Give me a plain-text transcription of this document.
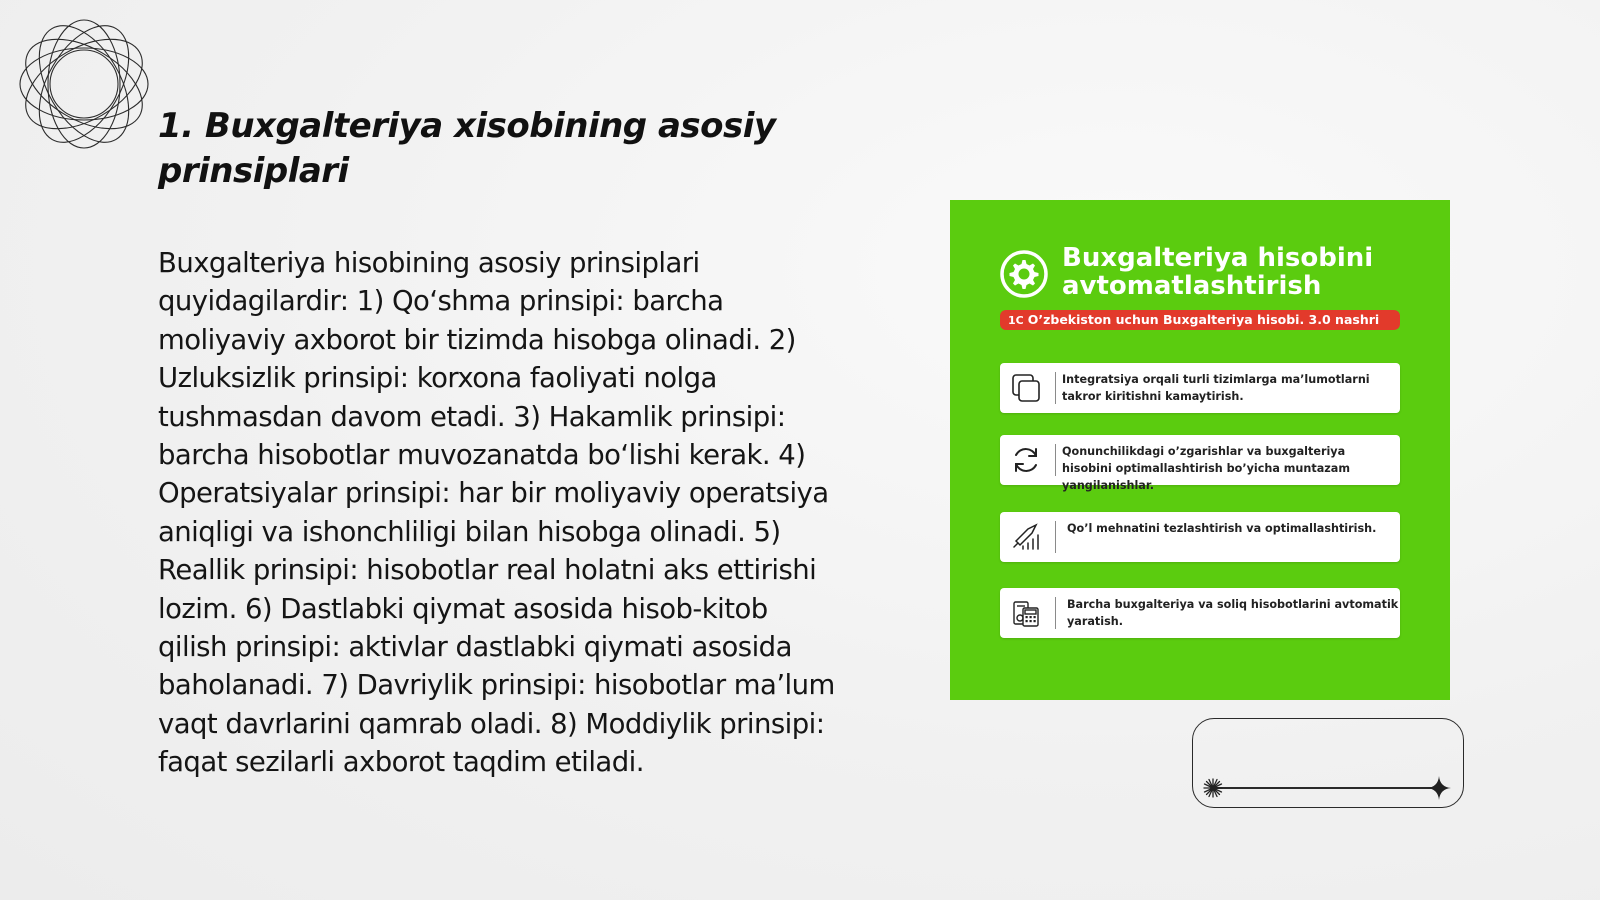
1. Buxgalteriya xisobining asosiy prinsiplari

Buxgalteriya hisobining asosiy prinsiplari quyidagilardir: 1) Qo‘shma prinsipi: barcha moliyaviy axborot bir tizimda hisobga olinadi. 2) Uzluksizlik prinsipi: korxona faoliyati nolga tushmasdan davom etadi. 3) Hakamlik prinsipi: barcha hisobotlar muvozanatda bo‘lishi kerak. 4) Operatsiyalar prinsipi: har bir moliyaviy operatsiya aniqligi va ishonchliligi bilan hisobga olinadi. 5) Reallik prinsipi: hisobotlar real holatni aks ettirishi lozim. 6) Dastlabki qiymat asosida hisob-kitob qilish prinsipi: aktivlar dastlabki qiymati asosida baholanadi. 7) Davriylik prinsipi: hisobotlar ma’lum vaqt davrlarini qamrab oladi. 8) Moddiylik prinsipi: faqat sezilarli axborot taqdim etiladi.

Buxgalteriya hisobini avtomatlashtirish
1C O’zbekiston uchun Buxgalteriya hisobi. 3.0 nashri

Integratsiya orqali turli tizimlarga ma’lumotlarni takror kiritishni kamaytirish.

Qonunchilikdagi o’zgarishlar va buxgalteriya hisobini optimallashtirish bo’yicha muntazam yangilanishlar.

Qo’l mehnatini tezlashtirish va optimallashtirish.

Barcha buxgalteriya va soliq hisobotlarini avtomatik yaratish.
